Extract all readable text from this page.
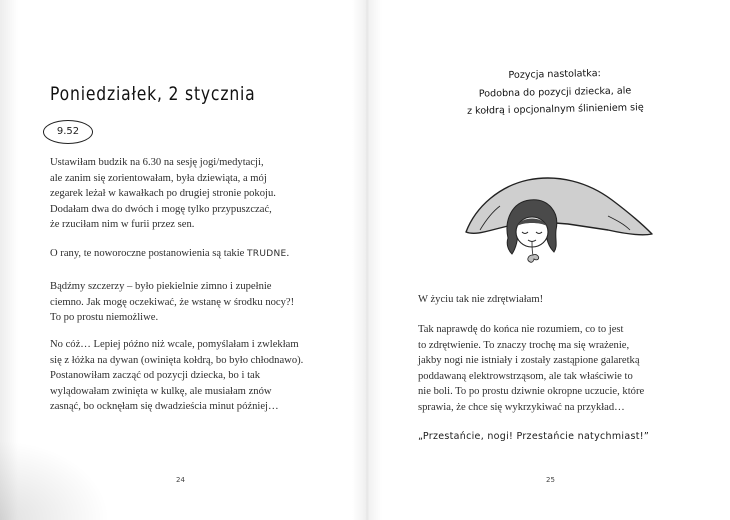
Poniedziałek, 2 stycznia
9.52

Ustawiłam budzik na 6.30 na sesję jogi/medytacji,
ale zanim się zorientowałam, była dziewiąta, a mój
zegarek leżał w kawałkach po drugiej stronie pokoju.
Dodałam dwa do dwóch i mogę tylko przypuszczać,
że rzuciłam nim w furii przez sen.

O rany, te noworoczne postanowienia są takie TRUDNE.

Bądźmy szczerzy – było piekielnie zimno i zupełnie
ciemno. Jak mogę oczekiwać, że wstanę w środku nocy?!
To po prostu niemożliwe.

No cóż… Lepiej późno niż wcale, pomyślałam i zwlekłam
się z łóżka na dywan (owinięta kołdrą, bo było chłodnawo).
Postanowiłam zacząć od pozycji dziecka, bo i tak
wylądowałam zwinięta w kulkę, ale musiałam znów
zasnąć, bo ocknęłam się dwadzieścia minut później…

24
Pozycja nastolatka:
Podobna do pozycji dziecka, ale
z kołdrą i opcjonalnym ślinieniem się

W życiu tak nie zdrętwiałam!

Tak naprawdę do końca nie rozumiem, co to jest
to zdrętwienie. To znaczy trochę ma się wrażenie,
jakby nogi nie istniały i zostały zastąpione galaretką
poddawaną elektrowstrząsom, ale tak właściwie to
nie boli. To po prostu dziwnie okropne uczucie, które
sprawia, że chce się wykrzykiwać na przykład…

„Przestańcie, nogi! Przestańcie natychmiast!”

25
